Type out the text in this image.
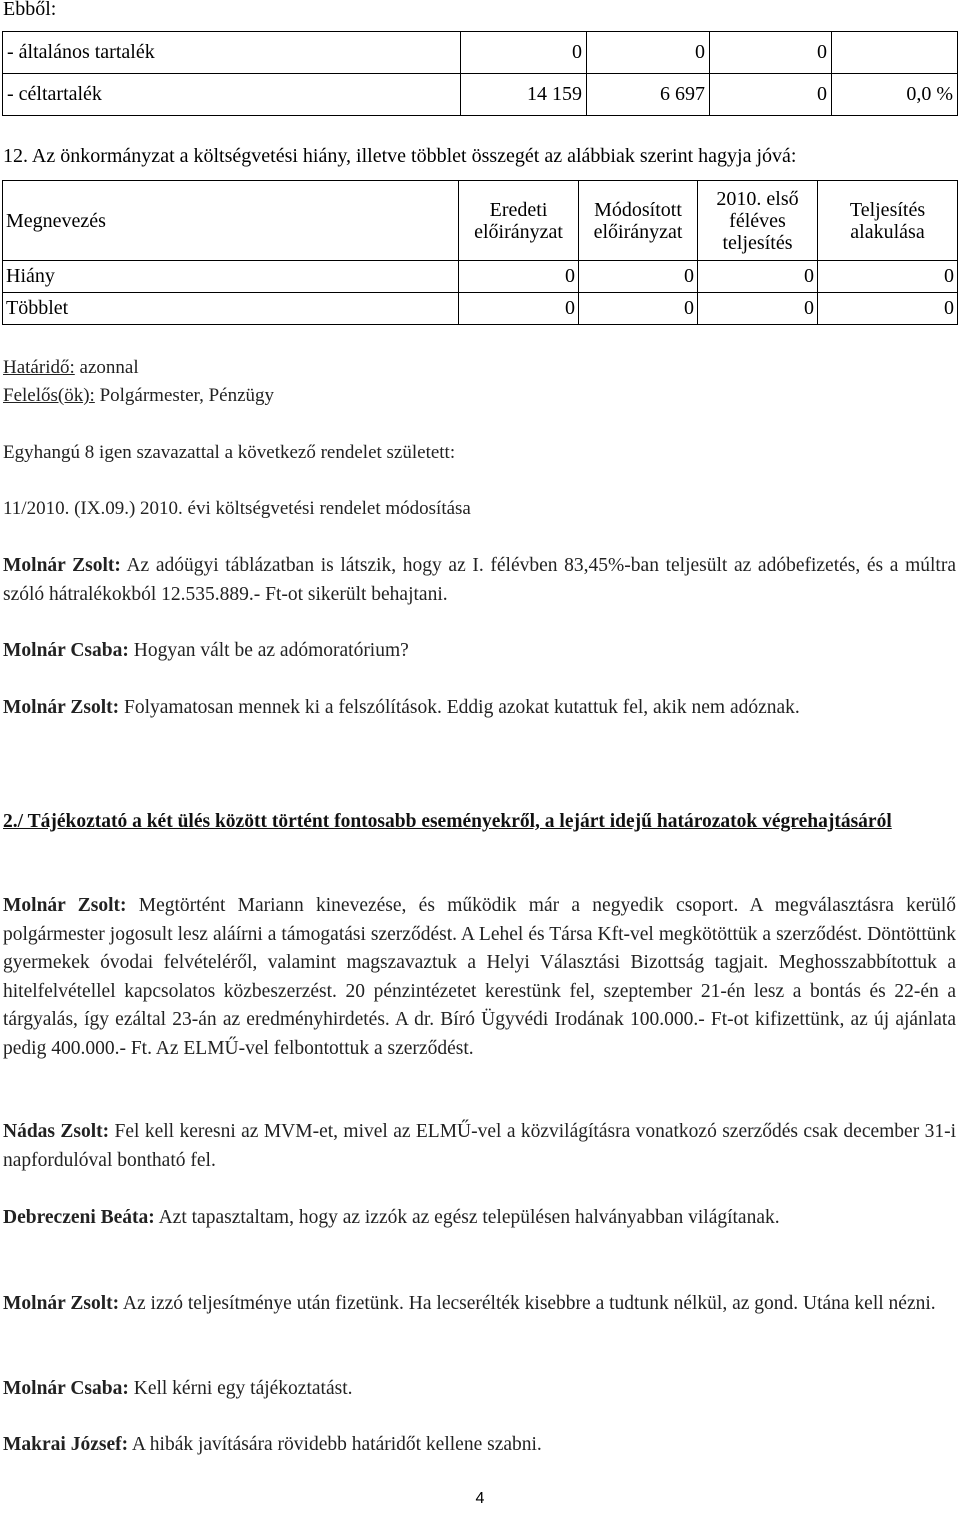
Ebből:
- általános tartalék	0	0	0	
- céltartalék	14 159	6 697	0	0,0 %
12. Az önkormányzat a költségvetési hiány, illetve többlet összegét az alábbiak szerint hagyja jóvá:
Megnevezés	Eredeti előirányzat	Módosított előirányzat	2010. első féléves teljesítés	Teljesítés alakulása
Hiány	0	0	0	0
Többlet	0	0	0	0
Határidő: azonnal
Felelős(ök): Polgármester, Pénzügy
Egyhangú 8 igen szavazattal a következő rendelet született:
11/2010. (IX.09.) 2010. évi költségvetési rendelet módosítása
Molnár Zsolt: Az adóügyi táblázatban is látszik, hogy az I. félévben 83,45%-ban teljesült az adóbefizetés, és a múltra szóló hátralékokból 12.535.889.- Ft-ot sikerült behajtani.
Molnár Csaba: Hogyan vált be az adómoratórium?
Molnár Zsolt: Folyamatosan mennek ki a felszólítások. Eddig azokat kutattuk fel, akik nem adóznak.
2./ Tájékoztató a két ülés között történt fontosabb eseményekről, a lejárt idejű határozatok végrehajtásáról
Molnár Zsolt: Megtörtént Mariann kinevezése, és működik már a negyedik csoport. A megválasztásra kerülő polgármester jogosult lesz aláírni a támogatási szerződést. A Lehel és Társa Kft-vel megkötöttük a szerződést. Döntöttünk gyermekek óvodai felvételéről, valamint magszavaztuk a Helyi Választási Bizottság tagjait. Meghosszabbítottuk a hitelfelvétellel kapcsolatos közbeszerzést. 20 pénzintézetet kerestünk fel, szeptember 21-én lesz a bontás és 22-én a tárgyalás, így ezáltal 23-án az eredményhirdetés. A dr. Bíró Ügyvédi Irodának 100.000.- Ft-ot kifizettünk, az új ajánlata pedig 400.000.- Ft. Az ELMŰ-vel felbontottuk a szerződést.
Nádas Zsolt: Fel kell keresni az MVM-et, mivel az ELMŰ-vel a közvilágításra vonatkozó szerződés csak december 31-i napfordulóval bontható fel.
Debreczeni Beáta: Azt tapasztaltam, hogy az izzók az egész településen halványabban világítanak.
Molnár Zsolt: Az izzó teljesítménye után fizetünk. Ha lecserélték kisebbre a tudtunk nélkül, az gond. Utána kell nézni.
Molnár Csaba: Kell kérni egy tájékoztatást.
Makrai József: A hibák javítására rövidebb határidőt kellene szabni.
4
